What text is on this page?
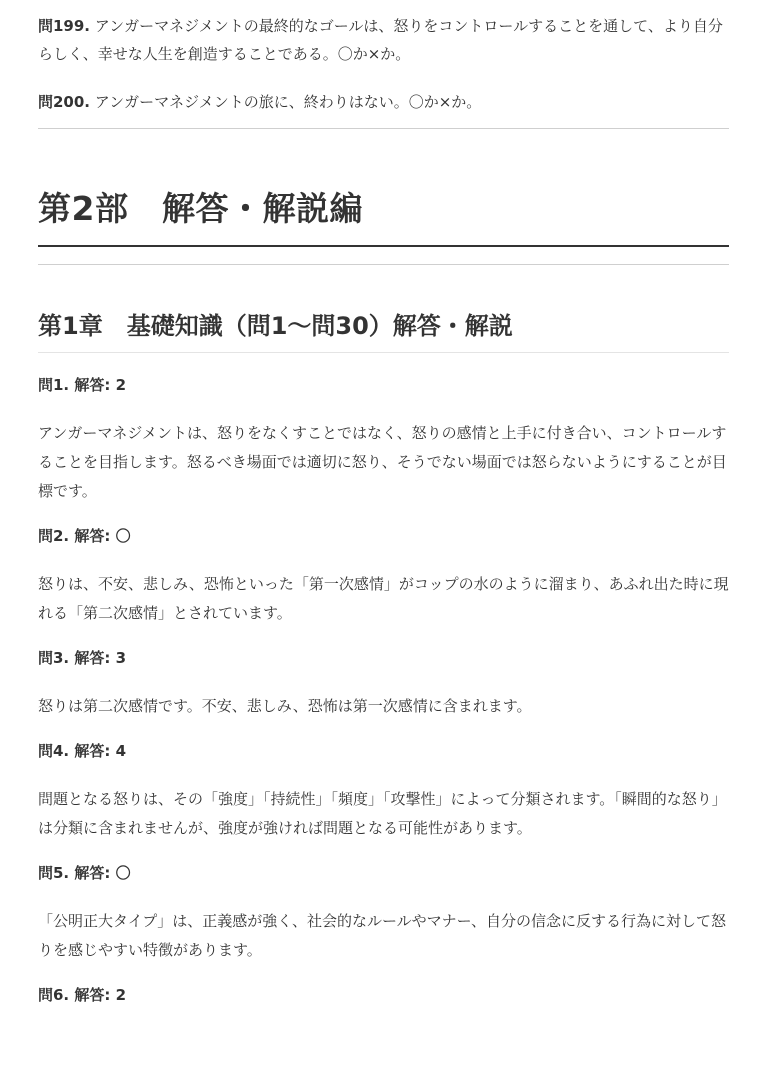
問199. アンガーマネジメントの最終的なゴールは、怒りをコントロールすることを通して、より自分らしく、幸せな人生を創造することである。〇か×か。

問200. アンガーマネジメントの旅に、終わりはない。〇か×か。

第2部　解答・解説編
第1章　基礎知識（問1〜問30）解答・解説

問1. 解答: 2

アンガーマネジメントは、怒りをなくすことではなく、怒りの感情と上手に付き合い、コントロールすることを目指します。怒るべき場面では適切に怒り、そうでない場面では怒らないようにすることが目標です。

問2. 解答: 〇

怒りは、不安、悲しみ、恐怖といった「第一次感情」がコップの水のように溜まり、あふれ出た時に現れる「第二次感情」とされています。

問3. 解答: 3

怒りは第二次感情です。不安、悲しみ、恐怖は第一次感情に含まれます。

問4. 解答: 4

問題となる怒りは、その「強度」「持続性」「頻度」「攻撃性」によって分類されます。「瞬間的な怒り」は分類に含まれませんが、強度が強ければ問題となる可能性があります。

問5. 解答: 〇

「公明正大タイプ」は、正義感が強く、社会的なルールやマナー、自分の信念に反する行為に対して怒りを感じやすい特徴があります。

問6. 解答: 2
